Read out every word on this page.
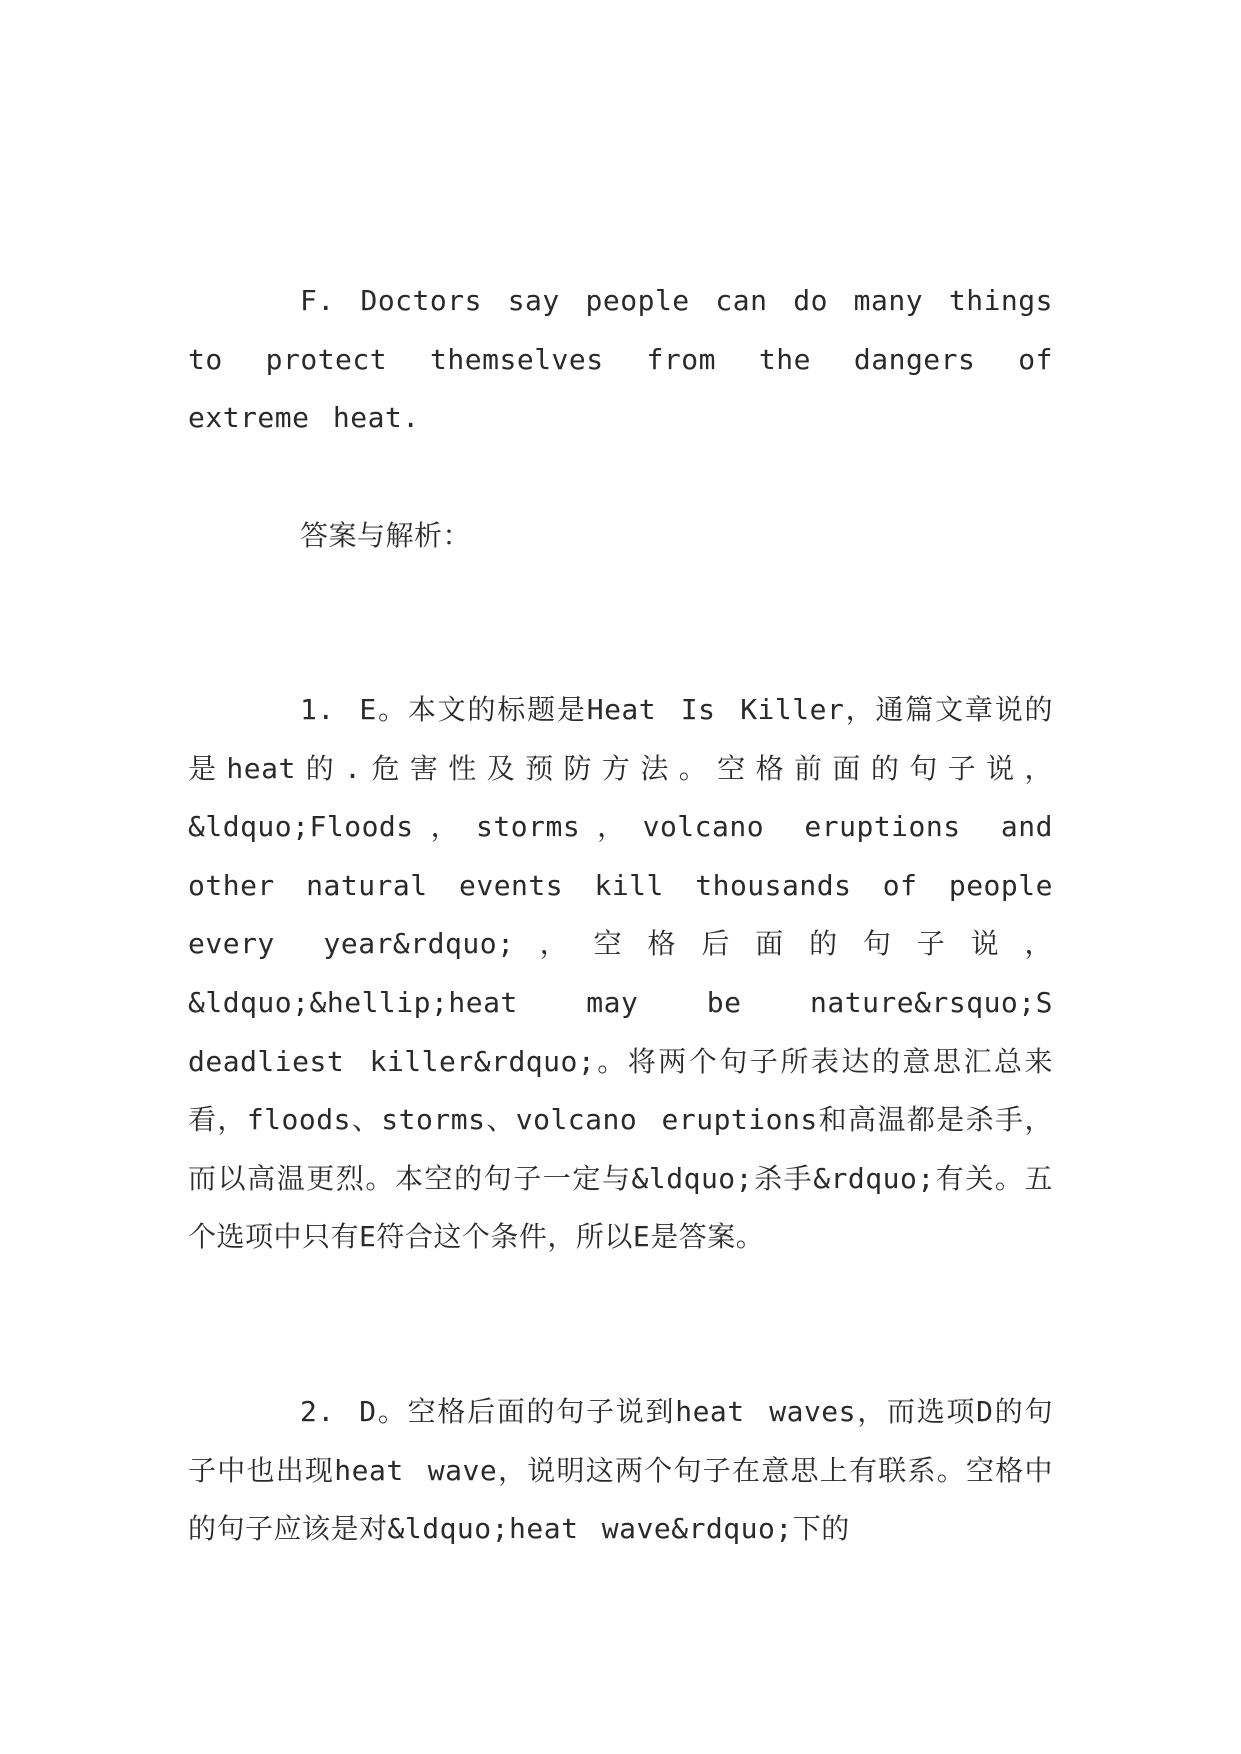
F. Doctors say people can do many things to protect themselves from the dangers of extreme heat.

答案与解析：

1. E。本文的标题是Heat Is Killer，通篇文章说的是heat的.危害性及预防方法。空格前面的句子说，&ldquo;Floods，storms，volcano eruptions and other natural events kill thousands of people every year&rdquo;，空格后面的句子说，&ldquo;&hellip;heat may be nature&rsquo;S deadliest killer&rdquo;。将两个句子所表达的意思汇总来看，floods、storms、volcano eruptions和高温都是杀手，而以高温更烈。本空的句子一定与&ldquo;杀手&rdquo;有关。五个选项中只有E符合这个条件，所以E是答案。

2. D。空格后面的句子说到heat waves，而选项D的句子中也出现heat wave，说明这两个句子在意思上有联系。空格中的句子应该是对&ldquo;heat wave&rdquo;下的
